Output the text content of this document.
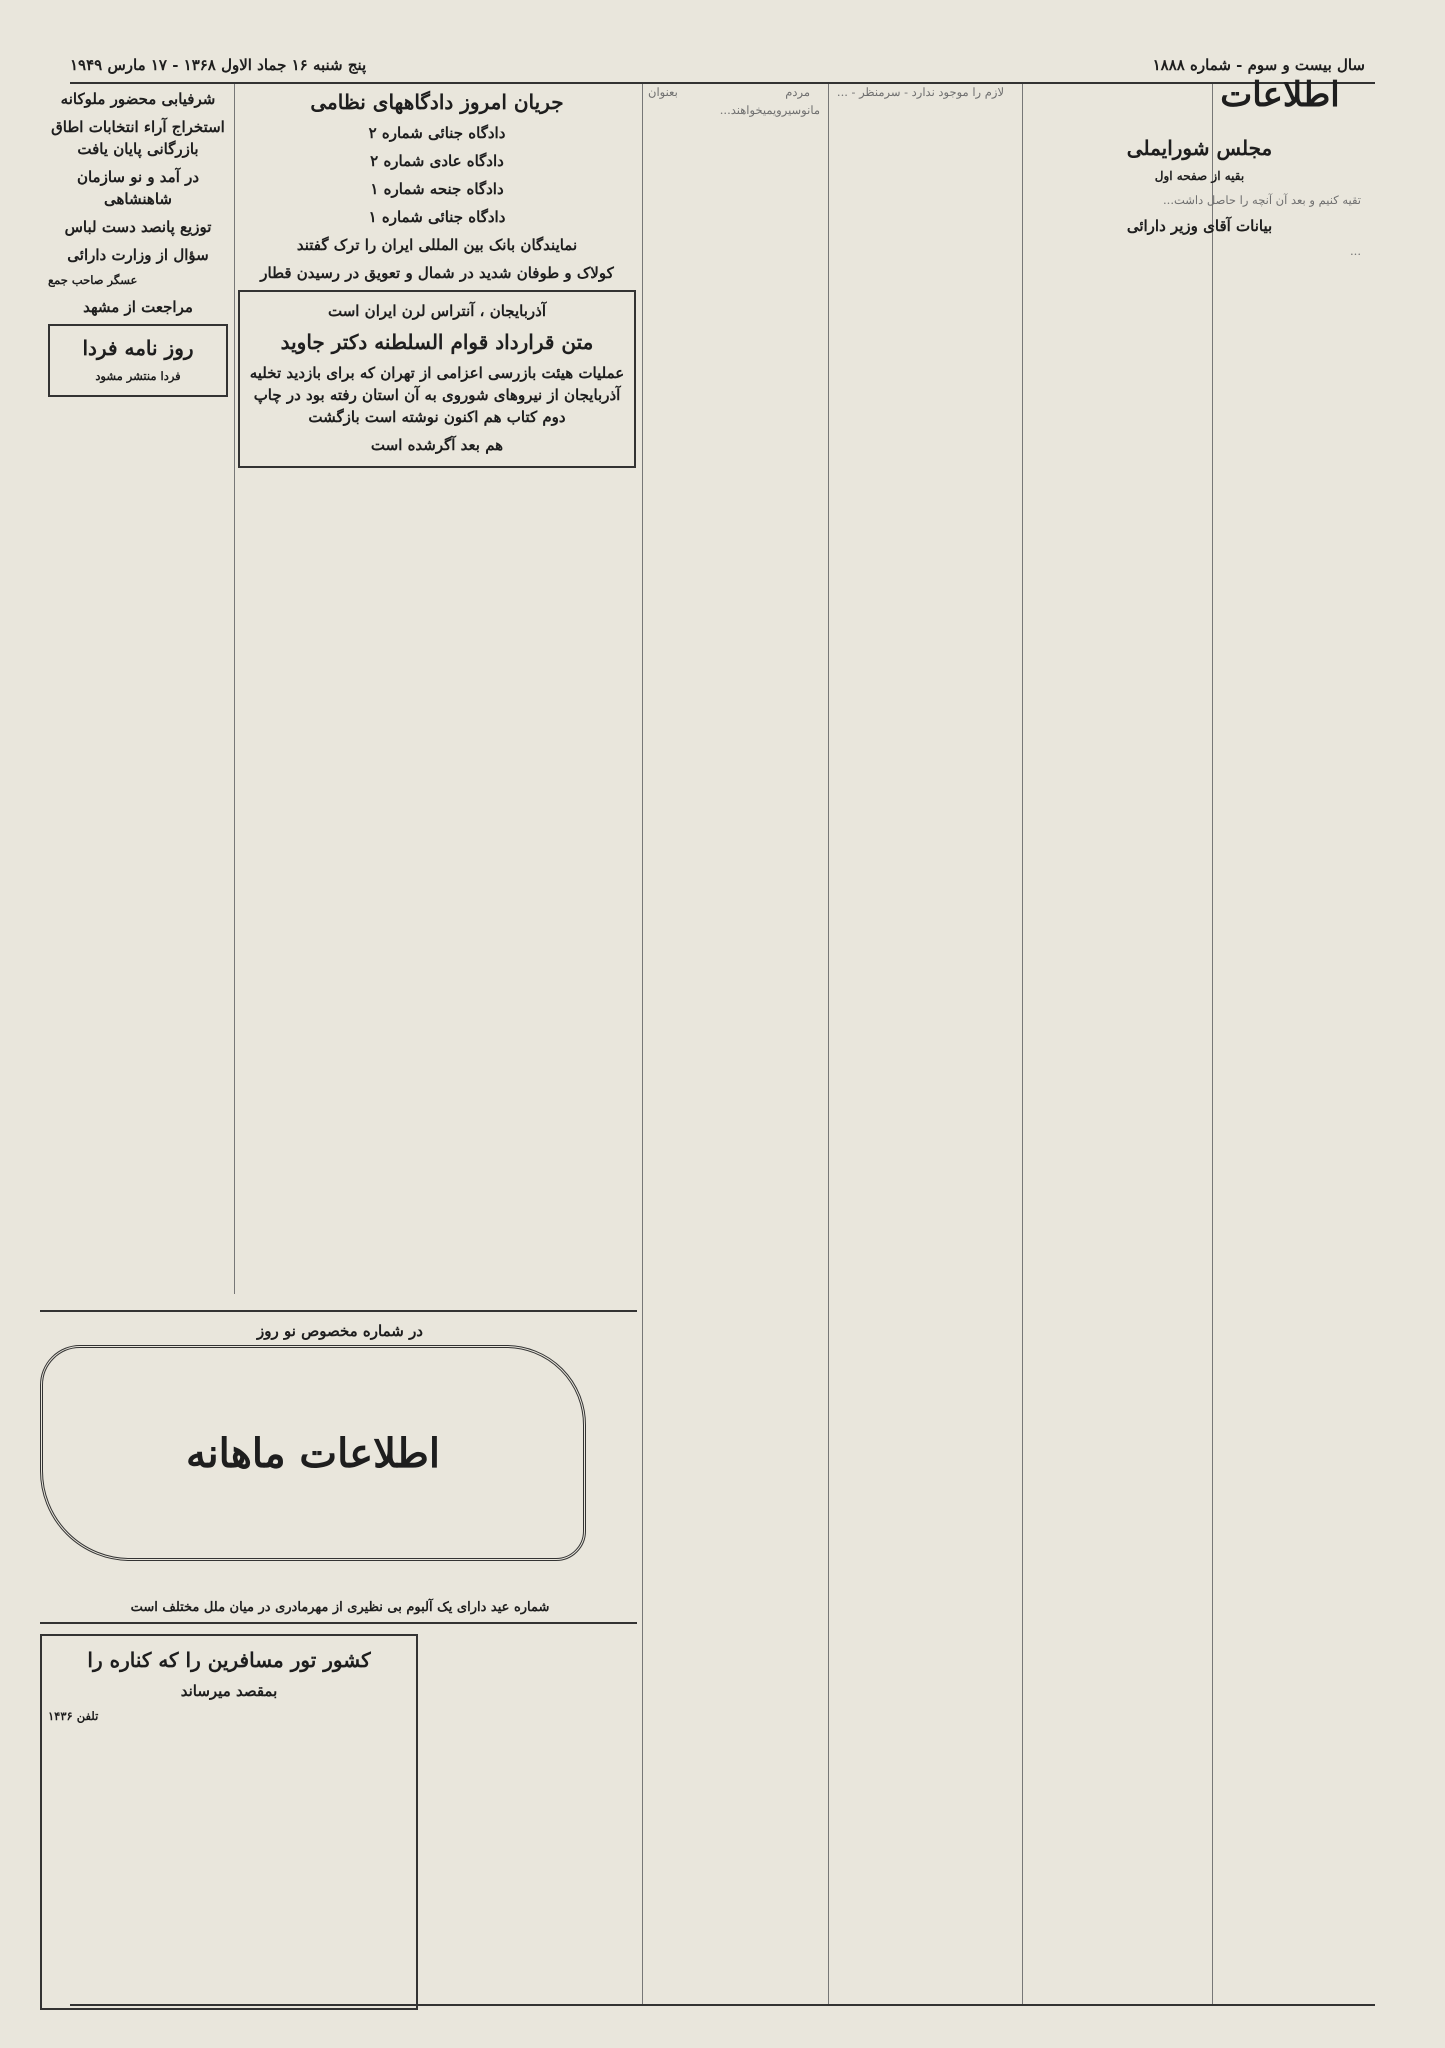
سال بیست و سوم - شماره ۱۸۸۸
پنج شنبه ۱۶ جماد الاول ۱۳۶۸ - ۱۷ مارس ۱۹۴۹
اطلاعات
مجلس شورایملی
بقیه از صفحه اول

تقیه کنیم و بعد آن آنچه را حاصل داشت...

بیانات آقای وزیر دارائی

...

لازم را موجود ندارد - سرمنظر - ...

مردم بعنوان مانوسیرویمیخواهند...

جریان امروز دادگاههای نظامی
دادگاه جنائی شماره ۲
دادگاه عادی شماره ۲
دادگاه جنحه شماره ۱
دادگاه جنائی شماره ۱
نمایندگان بانک بین المللی ایران را ترک گفتند
کولاک و طوفان شدید در شمال و تعویق در رسیدن قطار
آذربایجان ، آنتراس لرن ایران است
متن قرارداد قوام السلطنه دکتر جاوید
عملیات هیئت بازرسی اعزامی از تهران که برای بازدید تخلیه آذربایجان از نیروهای شوروی به آن استان رفته بود در چاپ دوم کتاب هم اکنون نوشته است بازگشت
هم بعد آگرشده است
شرفیابی محضور ملوکانه
استخراج آراء انتخابات اطاق بازرگانی پایان یافت
در آمد و نو سازمان شاهنشاهی
توزیع پانصد دست لباس
سؤال از وزارت دارائی
عسگر صاحب جمع
مراجعت از مشهد
روز نامه فردا
فردا منتشر مشود
در شماره مخصوص نو روز
اطلاعات ماهانه
شماره عید دارای یک آلبوم بی نظیری از مهرمادری در میان ملل مختلف است
کشور تور مسافرین را که کناره را
بمقصد میرساند
تلفن ۱۴۳۶
